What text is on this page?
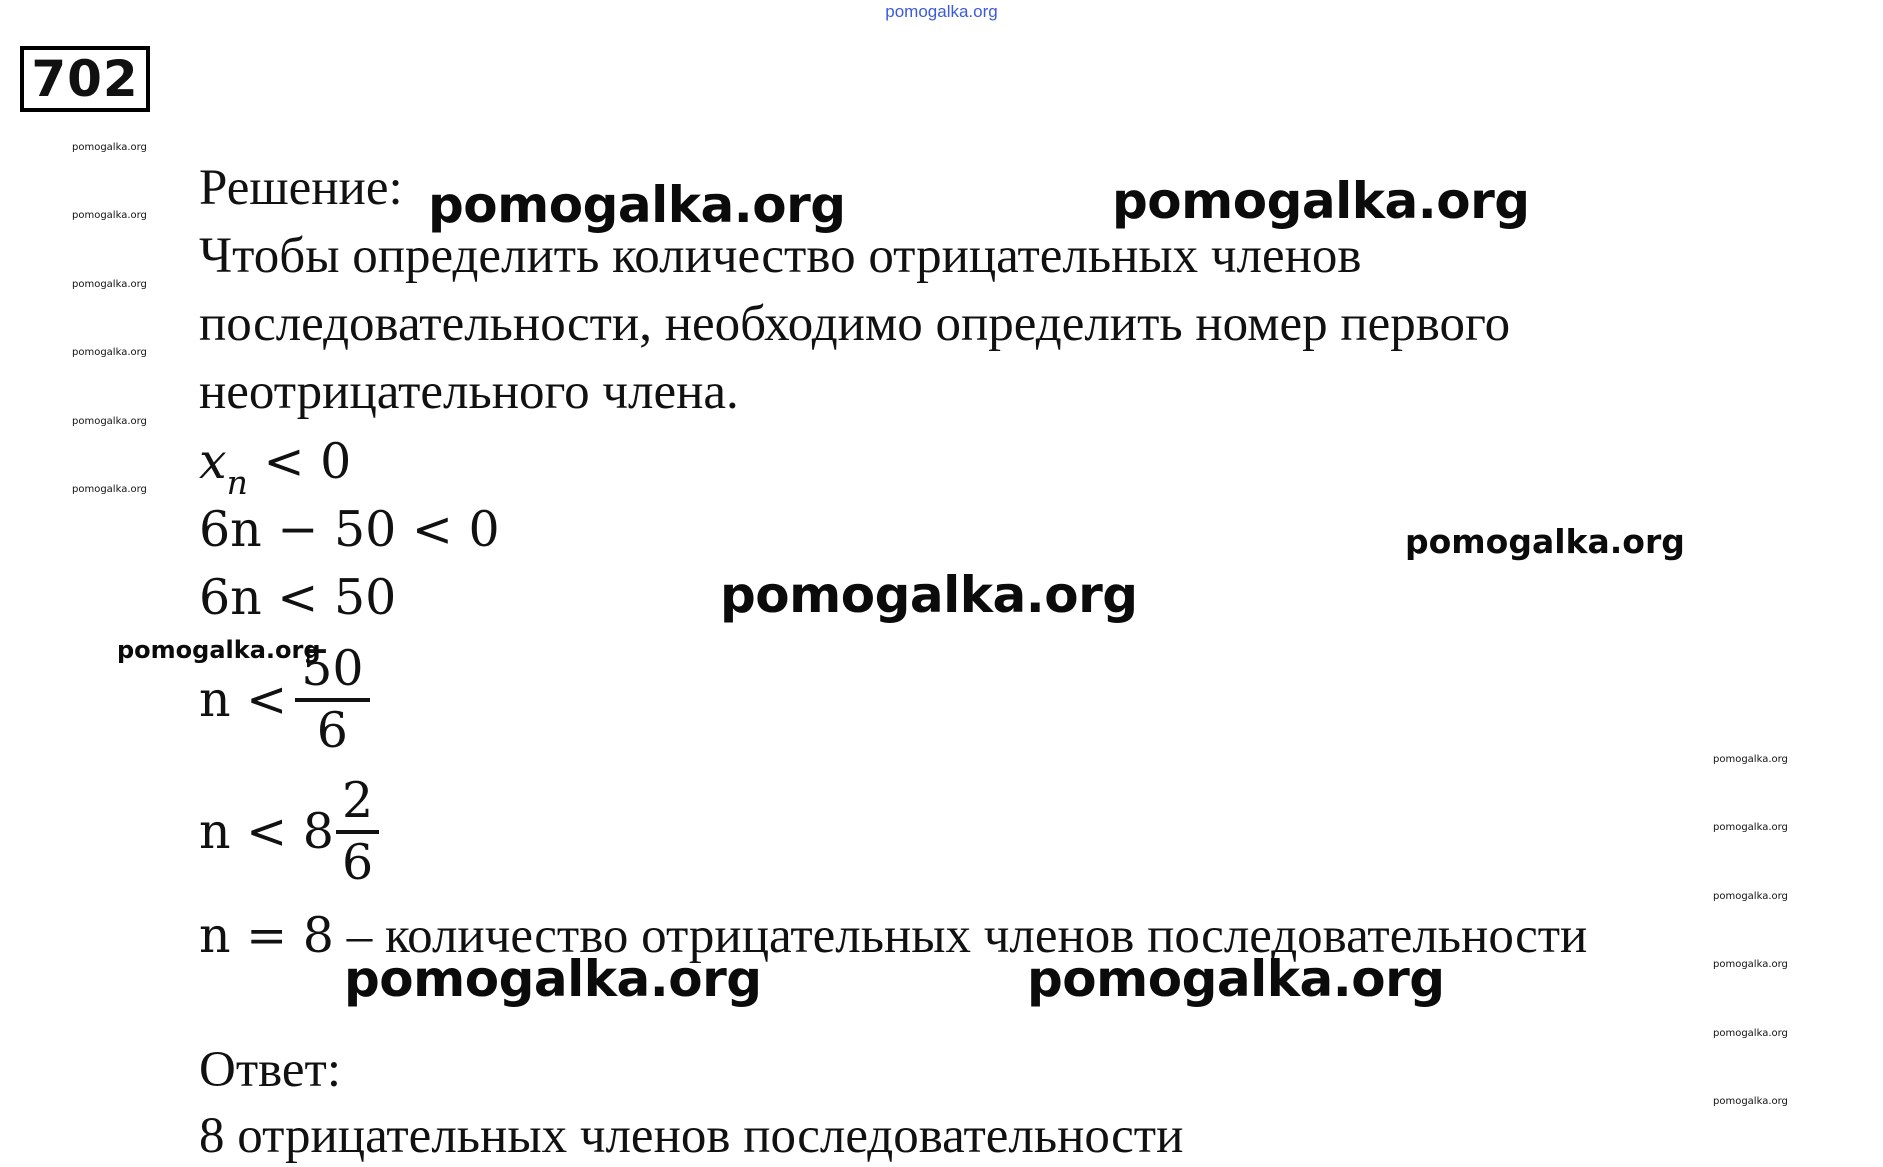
pomogalka.org
702
Решение:
Чтобы определить количество отрицательных членов
последовательности, необходимо определить номер первого
неотрицательного члена.
$x_n < 0$
6n − 50 < 0
6n < 50
$n < \frac{50}{6}$
$n < 8 \frac{2}{6}$
n = 8 – количество отрицательных членов последовательности
Ответ:
8 отрицательных членов последовательности
pomogalka.org	pomogalka.org
pomogalka.org
pomogalka.org	pomogalka.org
pomogalka.org
pomogalka.org
pomogalka.org
pomogalka.org
pomogalka.org
pomogalka.org
pomogalka.org
pomogalka.org
pomogalka.org
pomogalka.org
pomogalka.org
pomogalka.org
pomogalka.org
pomogalka.org
